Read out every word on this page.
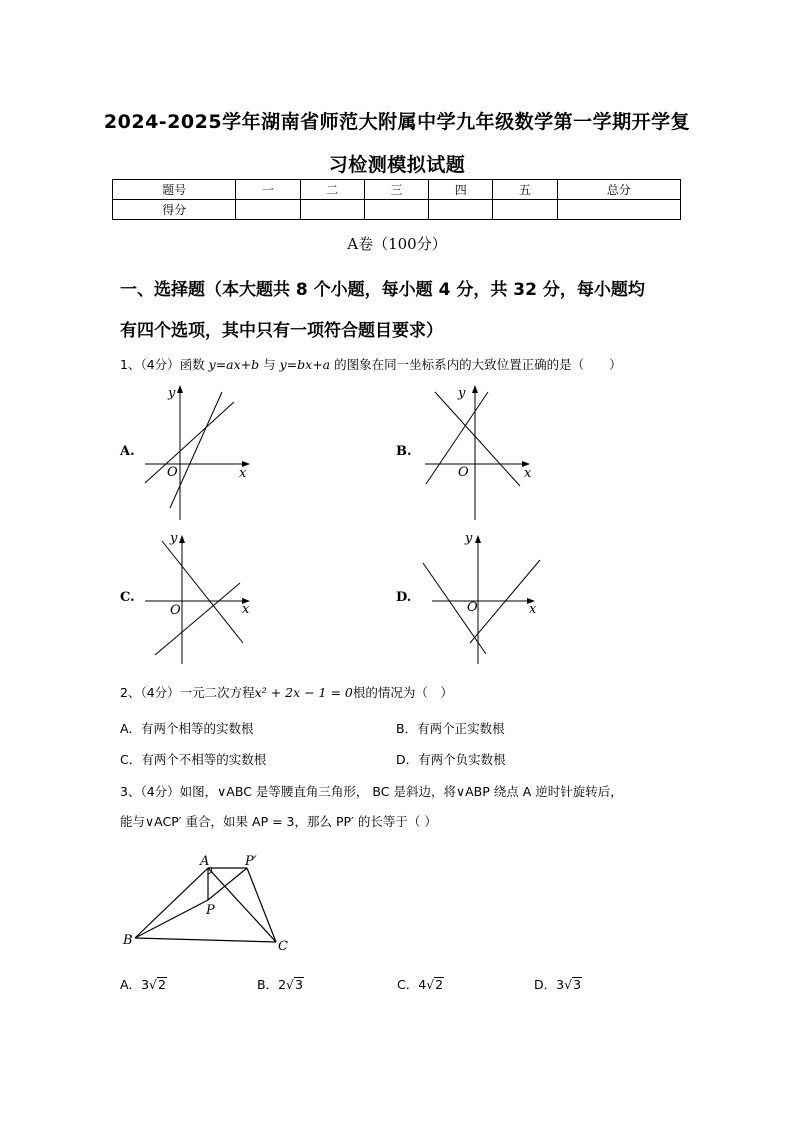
2024-2025学年湖南省师范大附属中学九年级数学第一学期开学复
习检测模拟试题
题号	一	二	三	四	五	总分
得分						
A卷（100分）
一、选择题（本大题共 8 个小题，每小题 4 分，共 32 分，每小题均
有四个选项，其中只有一项符合题目要求）
1、（4分）函数 y=ax+b 与 y=bx+a 的图象在同一坐标系内的大致位置正确的是（　　）
A.
x
y
O
B.
x
y
O
C.
x
y
O
D.
x
y
O
2、（4分）一元二次方程x² + 2x − 1 = 0根的情况为（　）
A．有两个相等的实数根	B．有两个正实数根
C．有两个不相等的实数根	D．有两个负实数根
3、（4分）如图，∨ABC 是等腰直角三角形， BC 是斜边，将∨ABP 绕点 A 逆时针旋转后，
能与∨ACP′ 重合，如果 AP = 3，那么 PP′ 的长等于（ ）
A	P′
P
B	C
A．3√2	B．2√3	C．4√2	D．3√3
